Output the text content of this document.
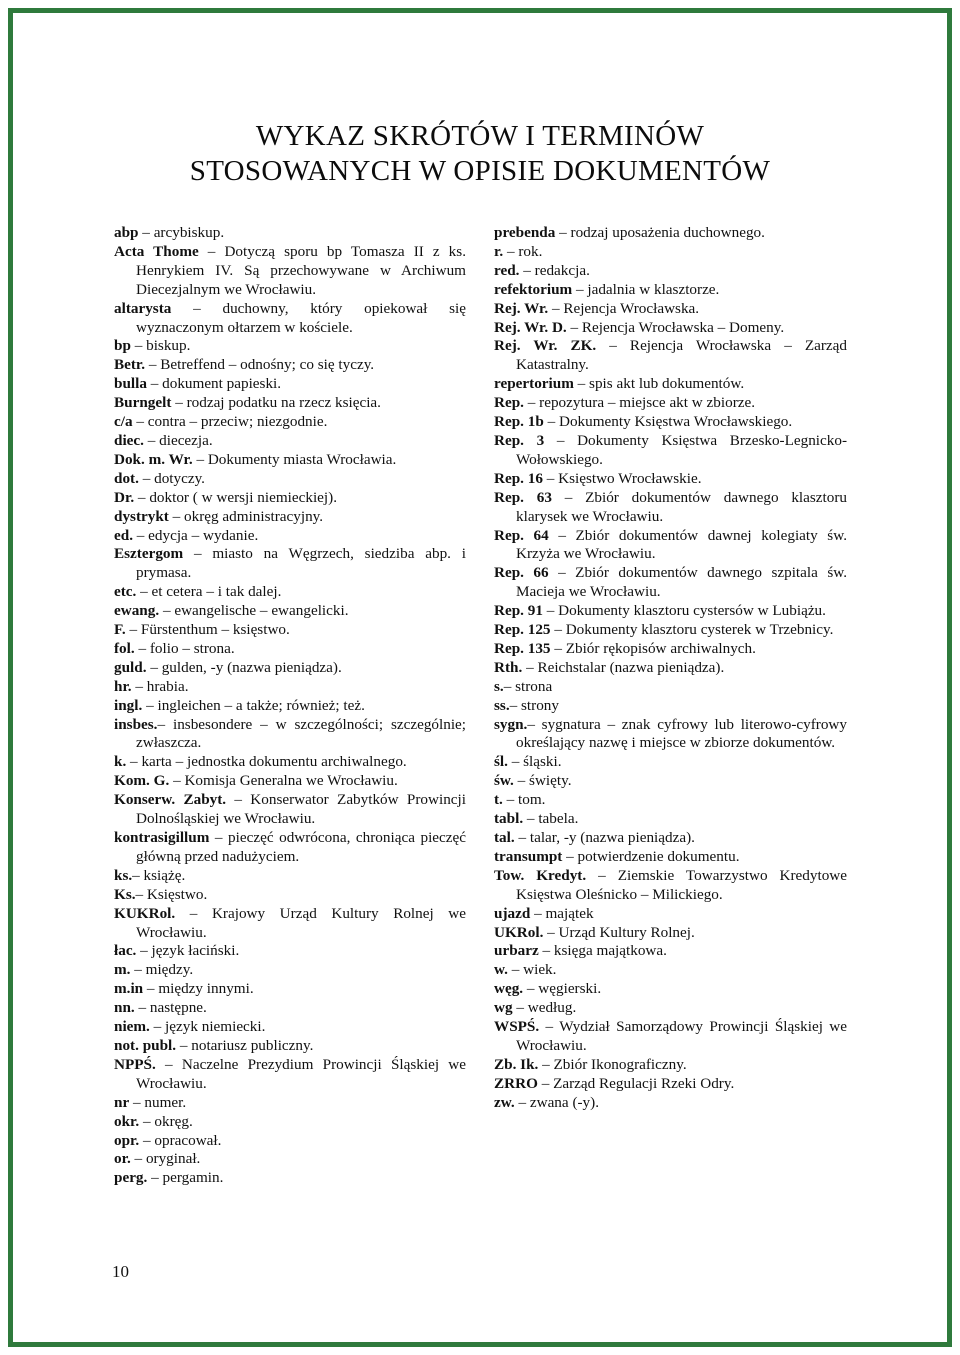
WYKAZ SKRÓTÓW I TERMINÓW
STOSOWANYCH W OPISIE DOKUMENTÓW

abp – arcybiskup.

Acta Thome – Dotyczą sporu bp Tomasza II z ks. Henrykiem IV. Są przechowywane w Archiwum Diecezjalnym we Wrocławiu.

altarysta – duchowny, który opiekował się wyznaczonym ołtarzem w kościele.

bp – biskup.

Betr. – Betreffend – odnośny; co się tyczy.

bulla – dokument papieski.

Burngelt – rodzaj podatku na rzecz księcia.

c/a – contra – przeciw; niezgodnie.

diec. – diecezja.

Dok. m. Wr. – Dokumenty miasta Wrocławia.

dot. – dotyczy.

Dr. – doktor ( w wersji niemieckiej).

dystrykt – okręg administracyjny.

ed. – edycja – wydanie.

Esztergom – miasto na Węgrzech, siedziba abp. i prymasa.

etc. – et cetera – i tak dalej.

ewang. – ewangelische – ewangelicki.

F. – Fürstenthum – księstwo.

fol. – folio – strona.

guld. – gulden, -y (nazwa pieniądza).

hr. – hrabia.

ingl. – ingleichen – a także; również; też.

insbes.– insbesondere – w szczególności; szczególnie; zwłaszcza.

k. – karta – jednostka dokumentu archiwalnego.

Kom. G. – Komisja Generalna we Wrocławiu.

Konserw. Zabyt. – Konserwator Zabytków Prowincji Dolnośląskiej we Wrocławiu.

kontrasigillum – pieczęć odwrócona, chroniąca pieczęć główną przed nadużyciem.

ks.– książę.

Ks.– Księstwo.

KUKRol. – Krajowy Urząd Kultury Rolnej we Wrocławiu.

łac. – język łaciński.

m. – między.

m.in – między innymi.

nn. – następne.

niem. – język niemiecki.

not. publ. – notariusz publiczny.

NPPŚ. – Naczelne Prezydium Prowincji Śląskiej we Wrocławiu.

nr – numer.

okr. – okręg.

opr. – opracował.

or. – oryginał.

perg. – pergamin.

prebenda – rodzaj uposażenia duchownego.

r. – rok.

red. – redakcja.

refektorium – jadalnia w klasztorze.

Rej. Wr. – Rejencja Wrocławska.

Rej. Wr. D. – Rejencja Wrocławska – Domeny.

Rej. Wr. ZK. – Rejencja Wrocławska – Zarząd Katastralny.

repertorium – spis akt lub dokumentów.

Rep. – repozytura – miejsce akt w zbiorze.

Rep. 1b – Dokumenty Księstwa Wrocławskiego.

Rep. 3 – Dokumenty Księstwa Brzesko-Legnicko-Wołowskiego.

Rep. 16 – Księstwo Wrocławskie.

Rep. 63 – Zbiór dokumentów dawnego klasztoru klarysek we Wrocławiu.

Rep. 64 – Zbiór dokumentów dawnej kolegiaty św. Krzyża we Wrocławiu.

Rep. 66 – Zbiór dokumentów dawnego szpitala św. Macieja we Wrocławiu.

Rep. 91 – Dokumenty klasztoru cystersów w Lubiążu.

Rep. 125 – Dokumenty klasztoru cysterek w Trzebnicy.

Rep. 135 – Zbiór rękopisów archiwalnych.

Rth. – Reichstalar (nazwa pieniądza).

s.– strona

ss.– strony

sygn.– sygnatura – znak cyfrowy lub literowo-cyfrowy określający nazwę i miejsce w zbiorze dokumentów.

śl. – śląski.

św. – święty.

t. – tom.

tabl. – tabela.

tal. – talar, -y (nazwa pieniądza).

transumpt – potwierdzenie dokumentu.

Tow. Kredyt. – Ziemskie Towarzystwo Kredytowe Księstwa Oleśnicko – Milickiego.

ujazd – majątek

UKRol. – Urząd Kultury Rolnej.

urbarz – księga majątkowa.

w. – wiek.

węg. – węgierski.

wg – według.

WSPŚ. – Wydział Samorządowy Prowincji Śląskiej we Wrocławiu.

Zb. Ik. – Zbiór Ikonograficzny.

ZRRO – Zarząd Regulacji Rzeki Odry.

zw. – zwana (-y).

10
